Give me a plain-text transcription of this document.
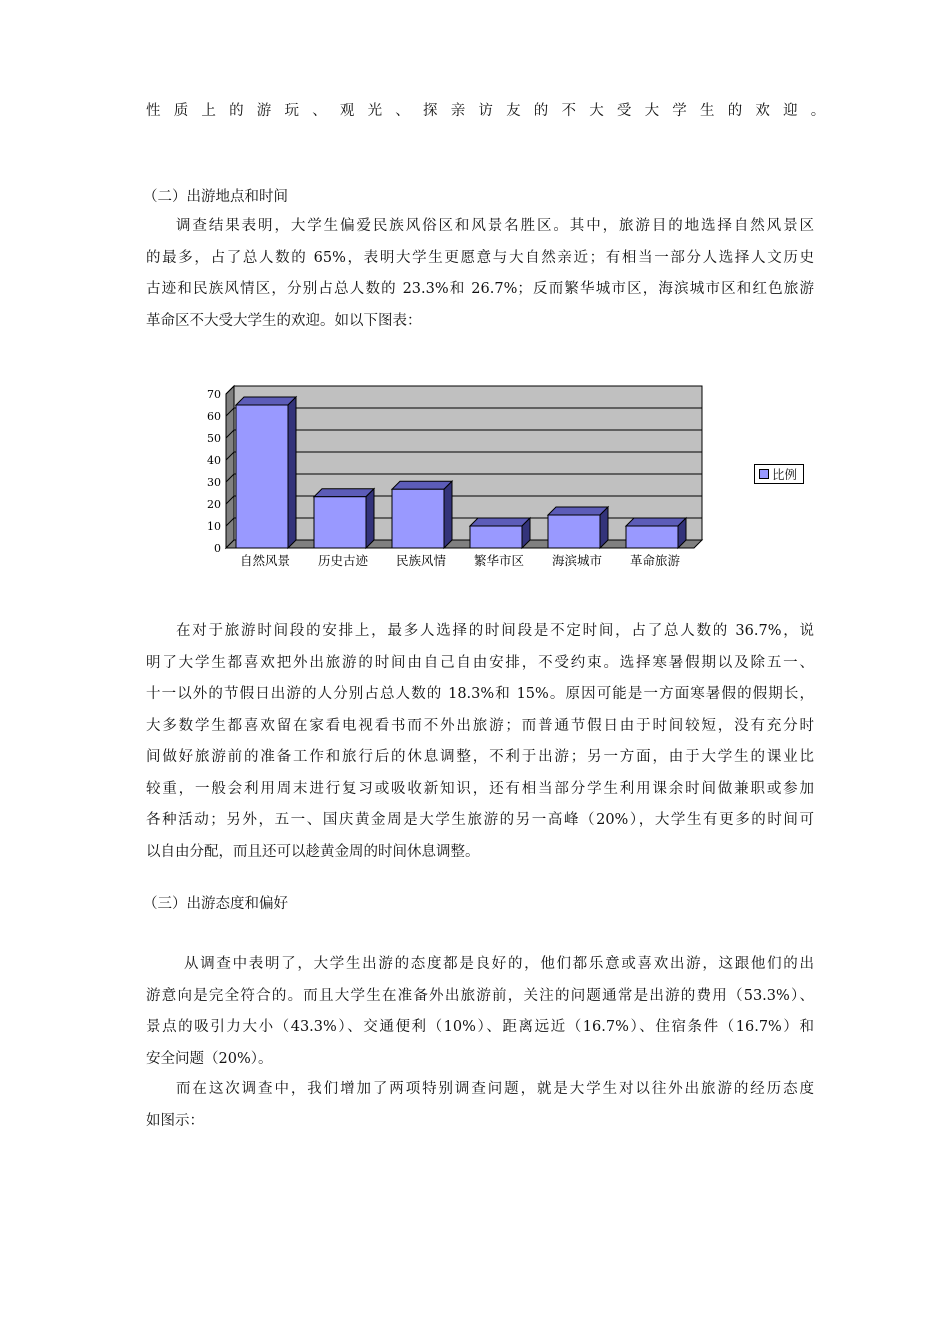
性质上的游玩、观光、探亲访友的不大受大学生的欢迎。
（二）出游地点和时间
调查结果表明，大学生偏爱民族风俗区和风景名胜区。其中，旅游目的地选择自然风景区
的最多，占了总人数的 65%，表明大学生更愿意与大自然亲近；有相当一部分人选择人文历史
古迹和民族风情区，分别占总人数的 23.3%和 26.7%；反而繁华城市区，海滨城市区和红色旅游
革命区不大受大学生的欢迎。如以下图表：
0
10
20
30
40
50
60
70
自然风景 历史古迹 民族风情 繁华市区 海滨城市 革命旅游
比例
在对于旅游时间段的安排上，最多人选择的时间段是不定时间，占了总人数的 36.7%，说
明了大学生都喜欢把外出旅游的时间由自己自由安排，不受约束。选择寒暑假期以及除五一、
十一以外的节假日出游的人分别占总人数的 18.3%和 15%。原因可能是一方面寒暑假的假期长，
大多数学生都喜欢留在家看电视看书而不外出旅游；而普通节假日由于时间较短，没有充分时
间做好旅游前的准备工作和旅行后的休息调整，不利于出游；另一方面，由于大学生的课业比
较重，一般会利用周末进行复习或吸收新知识，还有相当部分学生利用课余时间做兼职或参加
各种活动；另外，五一、国庆黄金周是大学生旅游的另一高峰（20%），大学生有更多的时间可
以自由分配，而且还可以趁黄金周的时间休息调整。
（三）出游态度和偏好
从调查中表明了，大学生出游的态度都是良好的，他们都乐意或喜欢出游，这跟他们的出
游意向是完全符合的。而且大学生在准备外出旅游前，关注的问题通常是出游的费用（53.3%）、
景点的吸引力大小（43.3%）、交通便利（10%）、距离远近（16.7%）、住宿条件（16.7%）和
安全问题（20%）。
而在这次调查中，我们增加了两项特别调查问题，就是大学生对以往外出旅游的经历态度
如图示：
